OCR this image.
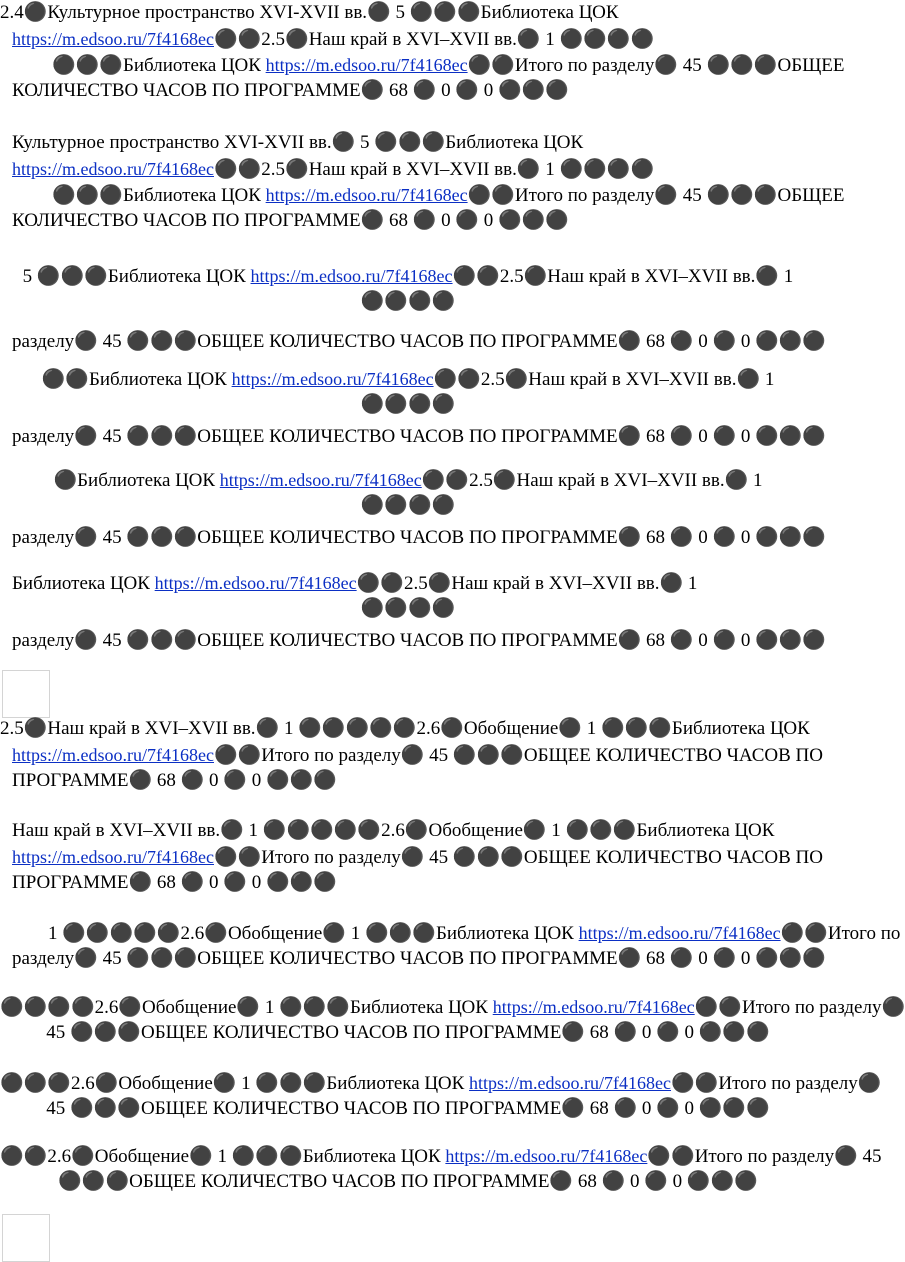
2.4⚫Культурное пространство XVI-XVII вв.⚫ 5 ⚫⚫⚫Библиотека ЦОК
https://m.edsoo.ru/7f4168ec⚫⚫2.5⚫Наш край в XVI–XVII вв.⚫ 1 ⚫⚫⚫⚫
⚫⚫⚫Библиотека ЦОК https://m.edsoo.ru/7f4168ec⚫⚫Итого по разделу⚫ 45 ⚫⚫⚫ОБЩЕЕ
КОЛИЧЕСТВО ЧАСОВ ПО ПРОГРАММЕ⚫ 68 ⚫ 0 ⚫ 0 ⚫⚫⚫
Культурное пространство XVI-XVII вв.⚫ 5 ⚫⚫⚫Библиотека ЦОК
https://m.edsoo.ru/7f4168ec⚫⚫2.5⚫Наш край в XVI–XVII вв.⚫ 1 ⚫⚫⚫⚫
⚫⚫⚫Библиотека ЦОК https://m.edsoo.ru/7f4168ec⚫⚫Итого по разделу⚫ 45 ⚫⚫⚫ОБЩЕЕ
КОЛИЧЕСТВО ЧАСОВ ПО ПРОГРАММЕ⚫ 68 ⚫ 0 ⚫ 0 ⚫⚫⚫
5 ⚫⚫⚫Библиотека ЦОК https://m.edsoo.ru/7f4168ec⚫⚫2.5⚫Наш край в XVI–XVII вв.⚫ 1
⚫⚫⚫⚫
разделу⚫ 45 ⚫⚫⚫ОБЩЕЕ КОЛИЧЕСТВО ЧАСОВ ПО ПРОГРАММЕ⚫ 68 ⚫ 0 ⚫ 0 ⚫⚫⚫
⚫⚫Библиотека ЦОК https://m.edsoo.ru/7f4168ec⚫⚫2.5⚫Наш край в XVI–XVII вв.⚫ 1
⚫⚫⚫⚫
разделу⚫ 45 ⚫⚫⚫ОБЩЕЕ КОЛИЧЕСТВО ЧАСОВ ПО ПРОГРАММЕ⚫ 68 ⚫ 0 ⚫ 0 ⚫⚫⚫
⚫Библиотека ЦОК https://m.edsoo.ru/7f4168ec⚫⚫2.5⚫Наш край в XVI–XVII вв.⚫ 1
⚫⚫⚫⚫
разделу⚫ 45 ⚫⚫⚫ОБЩЕЕ КОЛИЧЕСТВО ЧАСОВ ПО ПРОГРАММЕ⚫ 68 ⚫ 0 ⚫ 0 ⚫⚫⚫
Библиотека ЦОК https://m.edsoo.ru/7f4168ec⚫⚫2.5⚫Наш край в XVI–XVII вв.⚫ 1
⚫⚫⚫⚫
разделу⚫ 45 ⚫⚫⚫ОБЩЕЕ КОЛИЧЕСТВО ЧАСОВ ПО ПРОГРАММЕ⚫ 68 ⚫ 0 ⚫ 0 ⚫⚫⚫
2.5⚫Наш край в XVI–XVII вв.⚫ 1 ⚫⚫⚫⚫⚫2.6⚫Обобщение⚫ 1 ⚫⚫⚫Библиотека ЦОК
https://m.edsoo.ru/7f4168ec⚫⚫Итого по разделу⚫ 45 ⚫⚫⚫ОБЩЕЕ КОЛИЧЕСТВО ЧАСОВ ПО
ПРОГРАММЕ⚫ 68 ⚫ 0 ⚫ 0 ⚫⚫⚫
Наш край в XVI–XVII вв.⚫ 1 ⚫⚫⚫⚫⚫2.6⚫Обобщение⚫ 1 ⚫⚫⚫Библиотека ЦОК
https://m.edsoo.ru/7f4168ec⚫⚫Итого по разделу⚫ 45 ⚫⚫⚫ОБЩЕЕ КОЛИЧЕСТВО ЧАСОВ ПО
ПРОГРАММЕ⚫ 68 ⚫ 0 ⚫ 0 ⚫⚫⚫
1 ⚫⚫⚫⚫⚫2.6⚫Обобщение⚫ 1 ⚫⚫⚫Библиотека ЦОК https://m.edsoo.ru/7f4168ec⚫⚫Итого по
разделу⚫ 45 ⚫⚫⚫ОБЩЕЕ КОЛИЧЕСТВО ЧАСОВ ПО ПРОГРАММЕ⚫ 68 ⚫ 0 ⚫ 0 ⚫⚫⚫
⚫⚫⚫⚫2.6⚫Обобщение⚫ 1 ⚫⚫⚫Библиотека ЦОК https://m.edsoo.ru/7f4168ec⚫⚫Итого по разделу⚫
45 ⚫⚫⚫ОБЩЕЕ КОЛИЧЕСТВО ЧАСОВ ПО ПРОГРАММЕ⚫ 68 ⚫ 0 ⚫ 0 ⚫⚫⚫
⚫⚫⚫2.6⚫Обобщение⚫ 1 ⚫⚫⚫Библиотека ЦОК https://m.edsoo.ru/7f4168ec⚫⚫Итого по разделу⚫
45 ⚫⚫⚫ОБЩЕЕ КОЛИЧЕСТВО ЧАСОВ ПО ПРОГРАММЕ⚫ 68 ⚫ 0 ⚫ 0 ⚫⚫⚫
⚫⚫2.6⚫Обобщение⚫ 1 ⚫⚫⚫Библиотека ЦОК https://m.edsoo.ru/7f4168ec⚫⚫Итого по разделу⚫ 45
⚫⚫⚫ОБЩЕЕ КОЛИЧЕСТВО ЧАСОВ ПО ПРОГРАММЕ⚫ 68 ⚫ 0 ⚫ 0 ⚫⚫⚫
